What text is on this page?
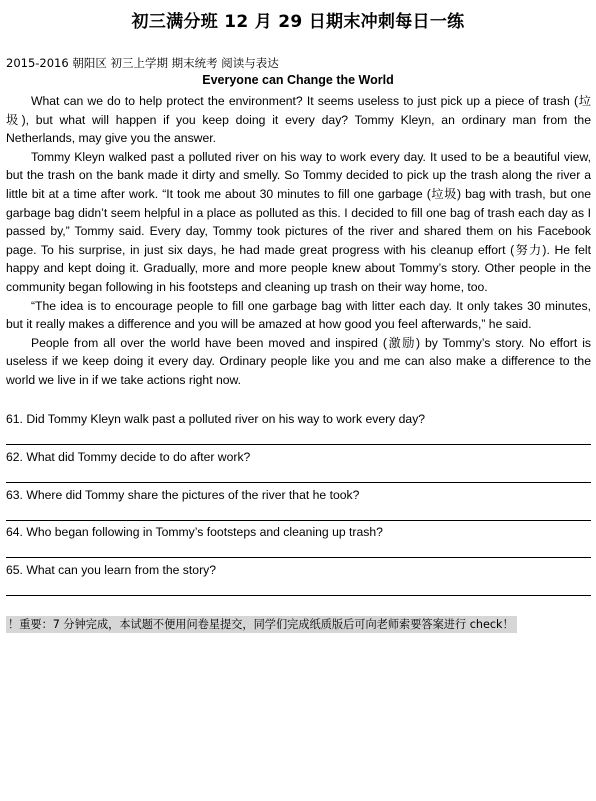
初三满分班 12 月 29 日期末冲刺每日一练
2015-2016 朝阳区 初三上学期 期末统考 阅读与表达
Everyone can Change the World

What can we do to help protect the environment? It seems useless to just pick up a piece of trash (垃圾), but what will happen if you keep doing it every day? Tommy Kleyn, an ordinary man from the Netherlands, may give you the answer.

Tommy Kleyn walked past a polluted river on his way to work every day. It used to be a beautiful view, but the trash on the bank made it dirty and smelly. So Tommy decided to pick up the trash along the river a little bit at a time after work. “It took me about 30 minutes to fill one garbage (垃圾) bag with trash, but one garbage bag didn’t seem helpful in a place as polluted as this. I decided to fill one bag of trash each day as I passed by,” Tommy said. Every day, Tommy took pictures of the river and shared them on his Facebook page. To his surprise, in just six days, he had made great progress with his cleanup effort (努力). He felt happy and kept doing it. Gradually, more and more people knew about Tommy’s story. Other people in the community began following in his footsteps and cleaning up trash on their way home, too.

“The idea is to encourage people to fill one garbage bag with litter each day. It only takes 30 minutes, but it really makes a difference and you will be amazed at how good you feel afterwards,” he said.

People from all over the world have been moved and inspired (激励) by Tommy’s story. No effort is useless if we keep doing it every day. Ordinary people like you and me can also make a difference to the world we live in if we take actions right now.

61. Did Tommy Kleyn walk past a polluted river on his way to work every day?
62. What did Tommy decide to do after work?
63. Where did Tommy share the pictures of the river that he took?
64. Who began following in Tommy’s footsteps and cleaning up trash?
65. What can you learn from the story?
！重要：7 分钟完成，本试题不便用问卷星提交，同学们完成纸质版后可向老师索要答案进行 check！
